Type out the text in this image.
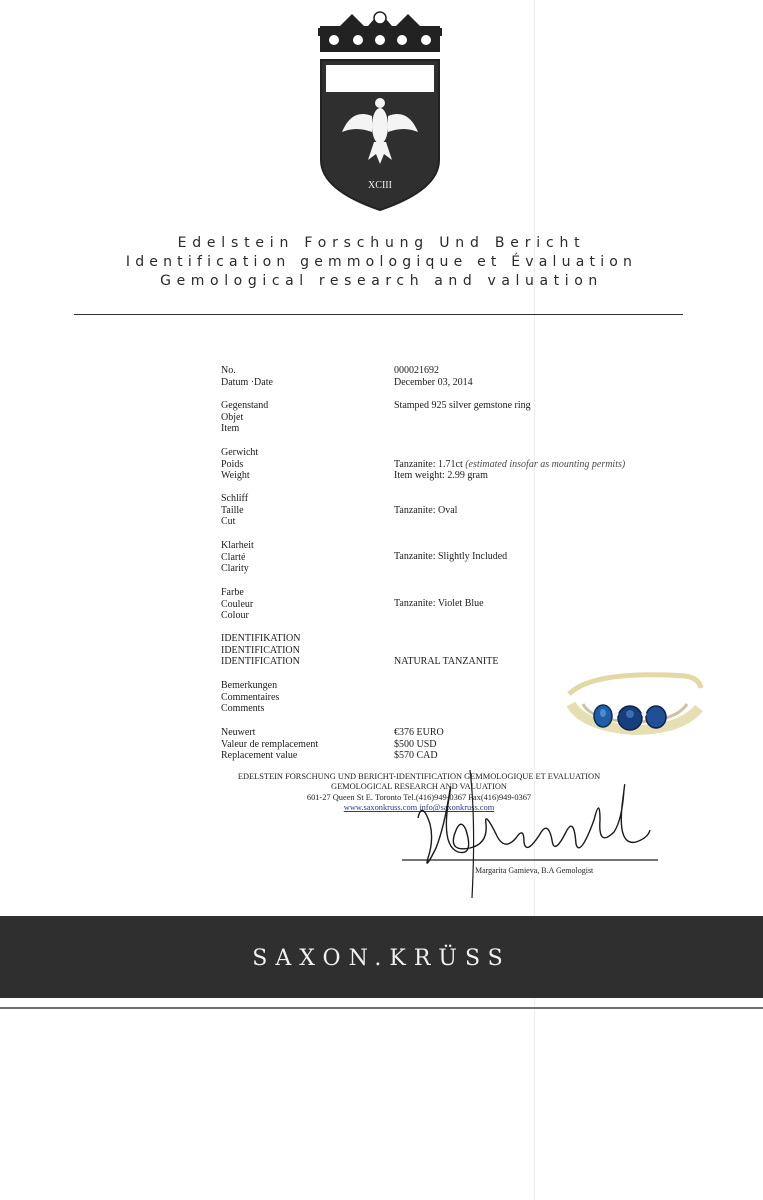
XCIII
Edelstein Forschung Und Bericht
Identification gemmologique et Évaluation
Gemological research and valuation
No.
Datum ·Date
000021692
December 03, 2014
Gegenstand
Objet
Item
Stamped 925 silver gemstone ring
Gerwicht
Poids
Weight
Tanzanite: 1.71ct (estimated insofar as mounting permits)
Item weight: 2.99 gram
Schliff
Taille
Cut
Tanzanite: Oval
Klarheit
Clarté
Clarity
Tanzanite: Slightly Included
Farbe
Couleur
Colour
Tanzanite: Violet Blue
IDENTIFIKATION
IDENTIFICATION
IDENTIFICATION	NATURAL TANZANITE
Bemerkungen
Commentaires
Comments
Neuwert
Valeur de remplacement
Replacement value
€376 EURO
$500 USD
$570 CAD
EDELSTEIN FORSCHUNG UND BERICHT-IDENTIFICATION GEMMOLOGIQUE ET EVALUATION
GEMOLOGICAL RESEARCH AND VALUATION
601-27 Queen St E. Toronto Tel.(416)949-0367 Fax(416)949-0367
www.saxonkruss.com info@saxonkruss.com
Margarita Gamieva, B.A Gemologist
SAXON.KRÜSS
